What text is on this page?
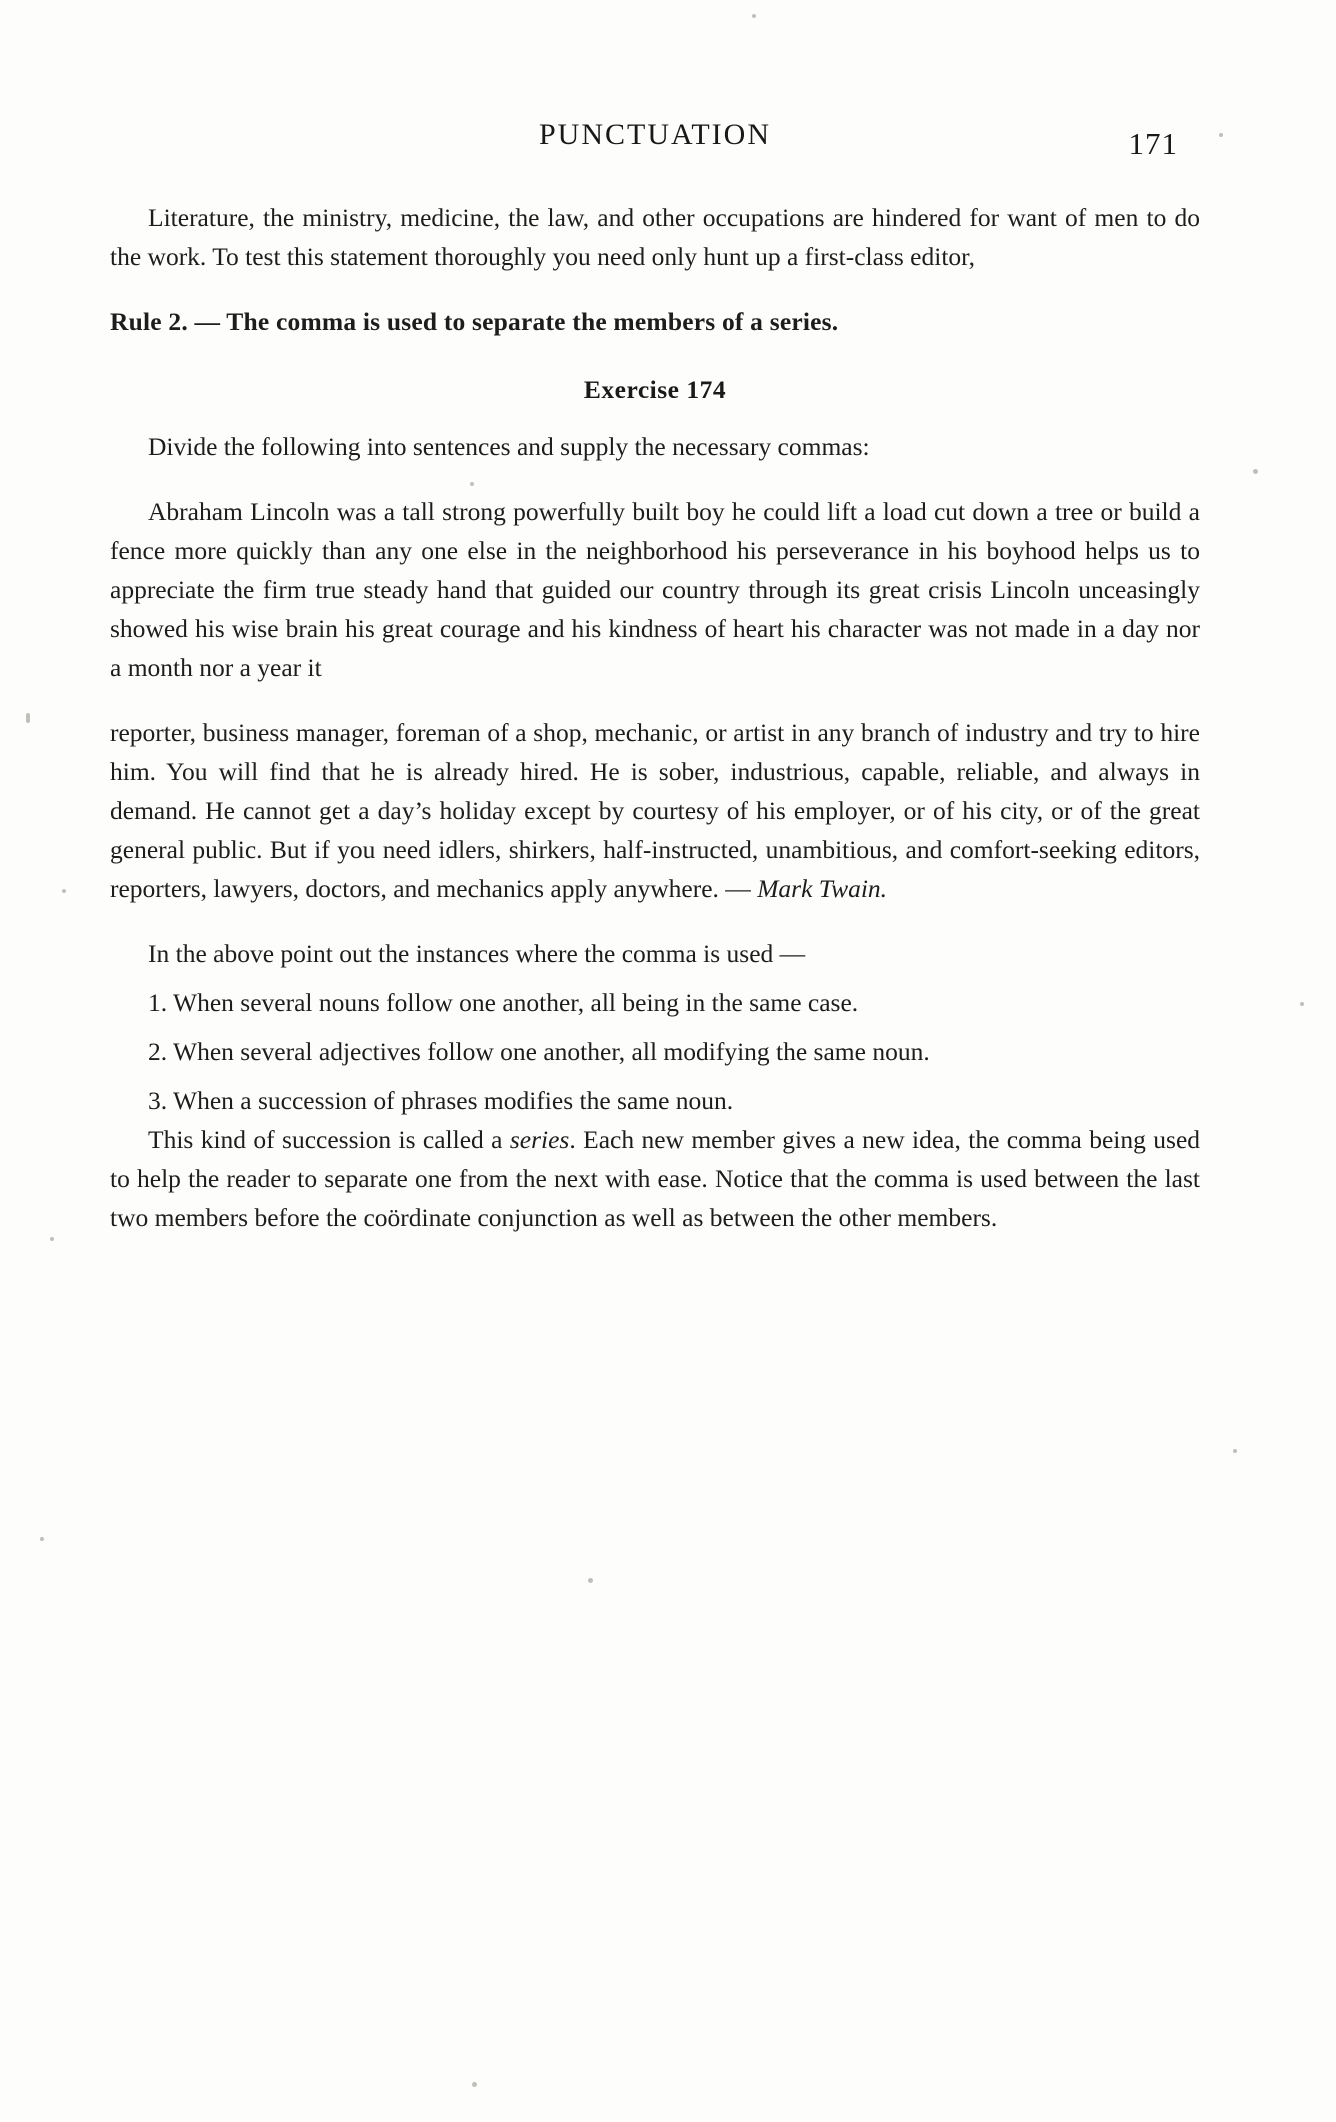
PUNCTUATION	171

Literature, the ministry, medicine, the law, and other occupations are hindered for want of men to do the work. To test this statement thoroughly you need only hunt up a first-class editor,

Rule 2. — The comma is used to separate the members of a series.

Exercise 174

Divide the following into sentences and supply the necessary commas:

Abraham Lincoln was a tall strong powerfully built boy he could lift a load cut down a tree or build a fence more quickly than any one else in the neighborhood his perseverance in his boyhood helps us to appreciate the firm true steady hand that guided our country through its great crisis Lincoln unceasingly showed his wise brain his great courage and his kindness of heart his character was not made in a day nor a month nor a year it

reporter, business manager, foreman of a shop, mechanic, or artist in any branch of industry and try to hire him. You will find that he is already hired. He is sober, industrious, capable, reliable, and always in demand. He cannot get a day’s holiday except by courtesy of his employer, or of his city, or of the great general public. But if you need idlers, shirkers, half-instructed, unambitious, and comfort-seeking editors, reporters, lawyers, doctors, and mechanics apply anywhere. — Mark Twain.

In the above point out the instances where the comma is used —

1. When several nouns follow one another, all being in the same case.

2. When several adjectives follow one another, all modifying the same noun.

3. When a succession of phrases modifies the same noun.

This kind of succession is called a series. Each new member gives a new idea, the comma being used to help the reader to separate one from the next with ease. Notice that the comma is used between the last two members before the coördinate conjunction as well as between the other members.
